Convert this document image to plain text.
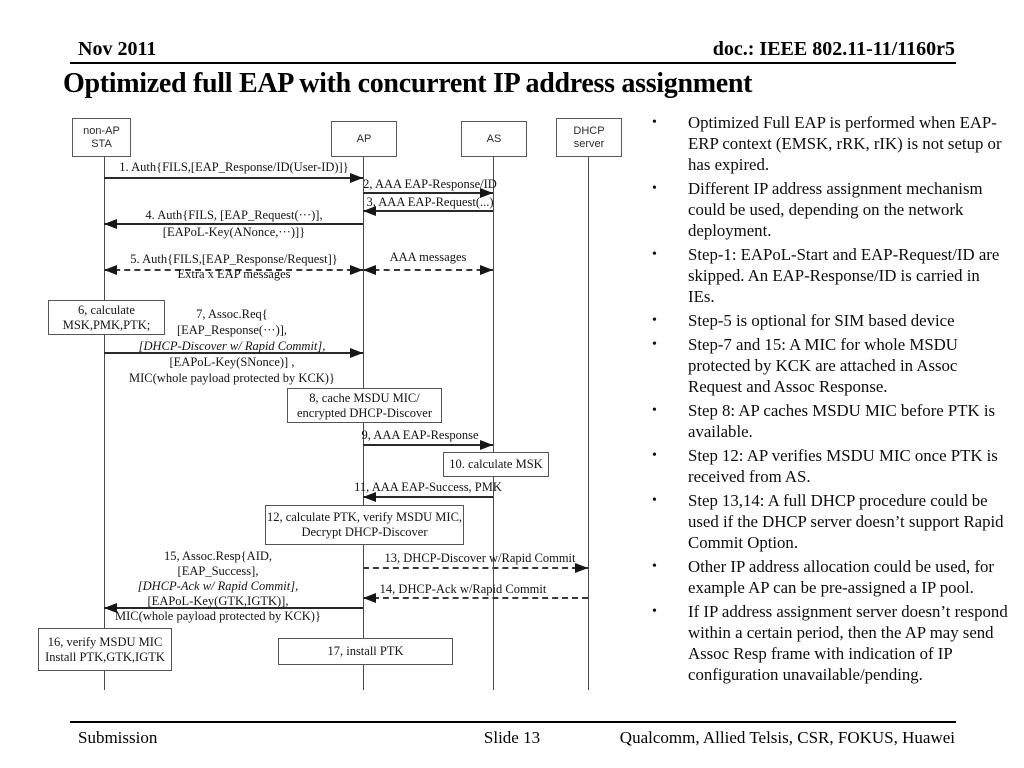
Nov 2011	doc.: IEEE 802.11-11/1160r5
Optimized full EAP with concurrent IP address assignment
non-AP
STA	AP	AS
DHCP
server
1. Auth{FILS,[EAP_Response/ID(User-ID)]}
2, AAA EAP-Response/ID
3, AAA EAP-Request(...)
4. Auth{FILS, [EAP_Request(···)],
[EAPoL-Key(ANonce,···)]}
5. Auth{FILS,[EAP_Response/Request]}
Extra x EAP messages
AAA messages
7, Assoc.Req{
[EAP_Response(···)],
[DHCP-Discover w/ Rapid Commit],
[EAPoL-Key(SNonce)] ,
MIC(whole payload protected by KCK)}
9, AAA EAP-Response
11, AAA EAP-Success, PMK
13, DHCP-Discover w/Rapid Commit
14, DHCP-Ack w/Rapid Commit
15, Assoc.Resp{AID,
[EAP_Success],
[DHCP-Ack w/ Rapid Commit],
[EAPoL-Key(GTK,IGTK)],
MIC(whole payload protected by KCK)}
6, calculate
MSK,PMK,PTK;
8, cache MSDU MIC/
encrypted DHCP-Discover
10. calculate MSK
12, calculate PTK, verify MSDU MIC,
Decrypt DHCP-Discover
16, verify MSDU MIC
Install PTK,GTK,IGTK	17, install PTK
•	Optimized Full EAP is performed when EAP-ERP context (EMSK, rRK, rIK) is not setup or has expired.
•	Different IP address assignment mechanism could be used, depending on the network deployment.
•	Step-1: EAPoL-Start and EAP-Request/ID are skipped. An EAP-Response/ID is carried in IEs.
•	Step-5 is optional for SIM based device
•	Step-7 and 15: A MIC for whole MSDU protected by KCK are attached in Assoc Request and Assoc Response.
•	Step 8: AP caches MSDU MIC before PTK is available.
•	Step 12: AP verifies MSDU MIC once PTK is received from AS.
•	Step 13,14: A full DHCP procedure could be used if the DHCP server doesn’t support Rapid Commit Option.
•	Other IP address allocation could be used, for example AP can be pre-assigned a IP pool.
•	If IP address assignment server doesn’t respond within a certain period, then the AP may send Assoc Resp frame with indication of IP configuration unavailable/pending.
Submission	Slide 13	Qualcomm, Allied Telsis, CSR, FOKUS, Huawei
